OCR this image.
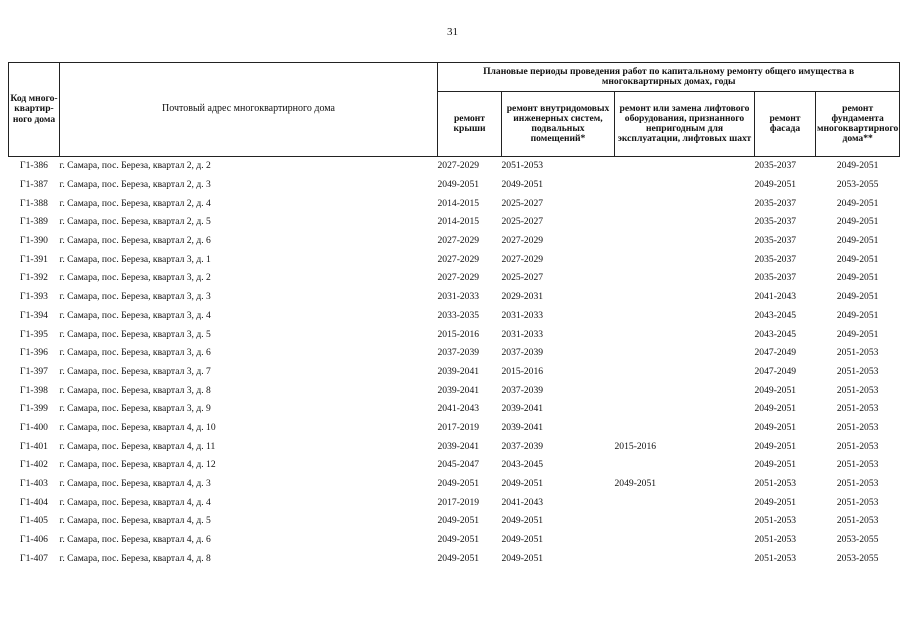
31
Код много-квартир-ного дома	Почтовый адрес многоквартирного дома	Плановые периоды проведения работ по капитальному ремонту общего имущества в многоквартирных домах, годы				
		ремонт крыши	ремонт внутридомовых инженерных систем, подвальных помещений*	ремонт или замена лифтового оборудования, признанного непригодным для эксплуатации, лифтовых шахт	ремонт фасада	ремонт фундамента многоквартирного дома**
Г1-386	г. Самара, пос. Береза, квартал 2, д. 2	2027-2029	2051-2053		2035-2037	2049-2051
Г1-387	г. Самара, пос. Береза, квартал 2, д. 3	2049-2051	2049-2051		2049-2051	2053-2055
Г1-388	г. Самара, пос. Береза, квартал 2, д. 4	2014-2015	2025-2027		2035-2037	2049-2051
Г1-389	г. Самара, пос. Береза, квартал 2, д. 5	2014-2015	2025-2027		2035-2037	2049-2051
Г1-390	г. Самара, пос. Береза, квартал 2, д. 6	2027-2029	2027-2029		2035-2037	2049-2051
Г1-391	г. Самара, пос. Береза, квартал 3, д. 1	2027-2029	2027-2029		2035-2037	2049-2051
Г1-392	г. Самара, пос. Береза, квартал 3, д. 2	2027-2029	2025-2027		2035-2037	2049-2051
Г1-393	г. Самара, пос. Береза, квартал 3, д. 3	2031-2033	2029-2031		2041-2043	2049-2051
Г1-394	г. Самара, пос. Береза, квартал 3, д. 4	2033-2035	2031-2033		2043-2045	2049-2051
Г1-395	г. Самара, пос. Береза, квартал 3, д. 5	2015-2016	2031-2033		2043-2045	2049-2051
Г1-396	г. Самара, пос. Береза, квартал 3, д. 6	2037-2039	2037-2039		2047-2049	2051-2053
Г1-397	г. Самара, пос. Береза, квартал 3, д. 7	2039-2041	2015-2016		2047-2049	2051-2053
Г1-398	г. Самара, пос. Береза, квартал 3, д. 8	2039-2041	2037-2039		2049-2051	2051-2053
Г1-399	г. Самара, пос. Береза, квартал 3, д. 9	2041-2043	2039-2041		2049-2051	2051-2053
Г1-400	г. Самара, пос. Береза, квартал 4, д. 10	2017-2019	2039-2041		2049-2051	2051-2053
Г1-401	г. Самара, пос. Береза, квартал 4, д. 11	2039-2041	2037-2039	2015-2016	2049-2051	2051-2053
Г1-402	г. Самара, пос. Береза, квартал 4, д. 12	2045-2047	2043-2045		2049-2051	2051-2053
Г1-403	г. Самара, пос. Береза, квартал 4, д. 3	2049-2051	2049-2051	2049-2051	2051-2053	2051-2053
Г1-404	г. Самара, пос. Береза, квартал 4, д. 4	2017-2019	2041-2043		2049-2051	2051-2053
Г1-405	г. Самара, пос. Береза, квартал 4, д. 5	2049-2051	2049-2051		2051-2053	2051-2053
Г1-406	г. Самара, пос. Береза, квартал 4, д. 6	2049-2051	2049-2051		2051-2053	2053-2055
Г1-407	г. Самара, пос. Береза, квартал 4, д. 8	2049-2051	2049-2051		2051-2053	2053-2055
